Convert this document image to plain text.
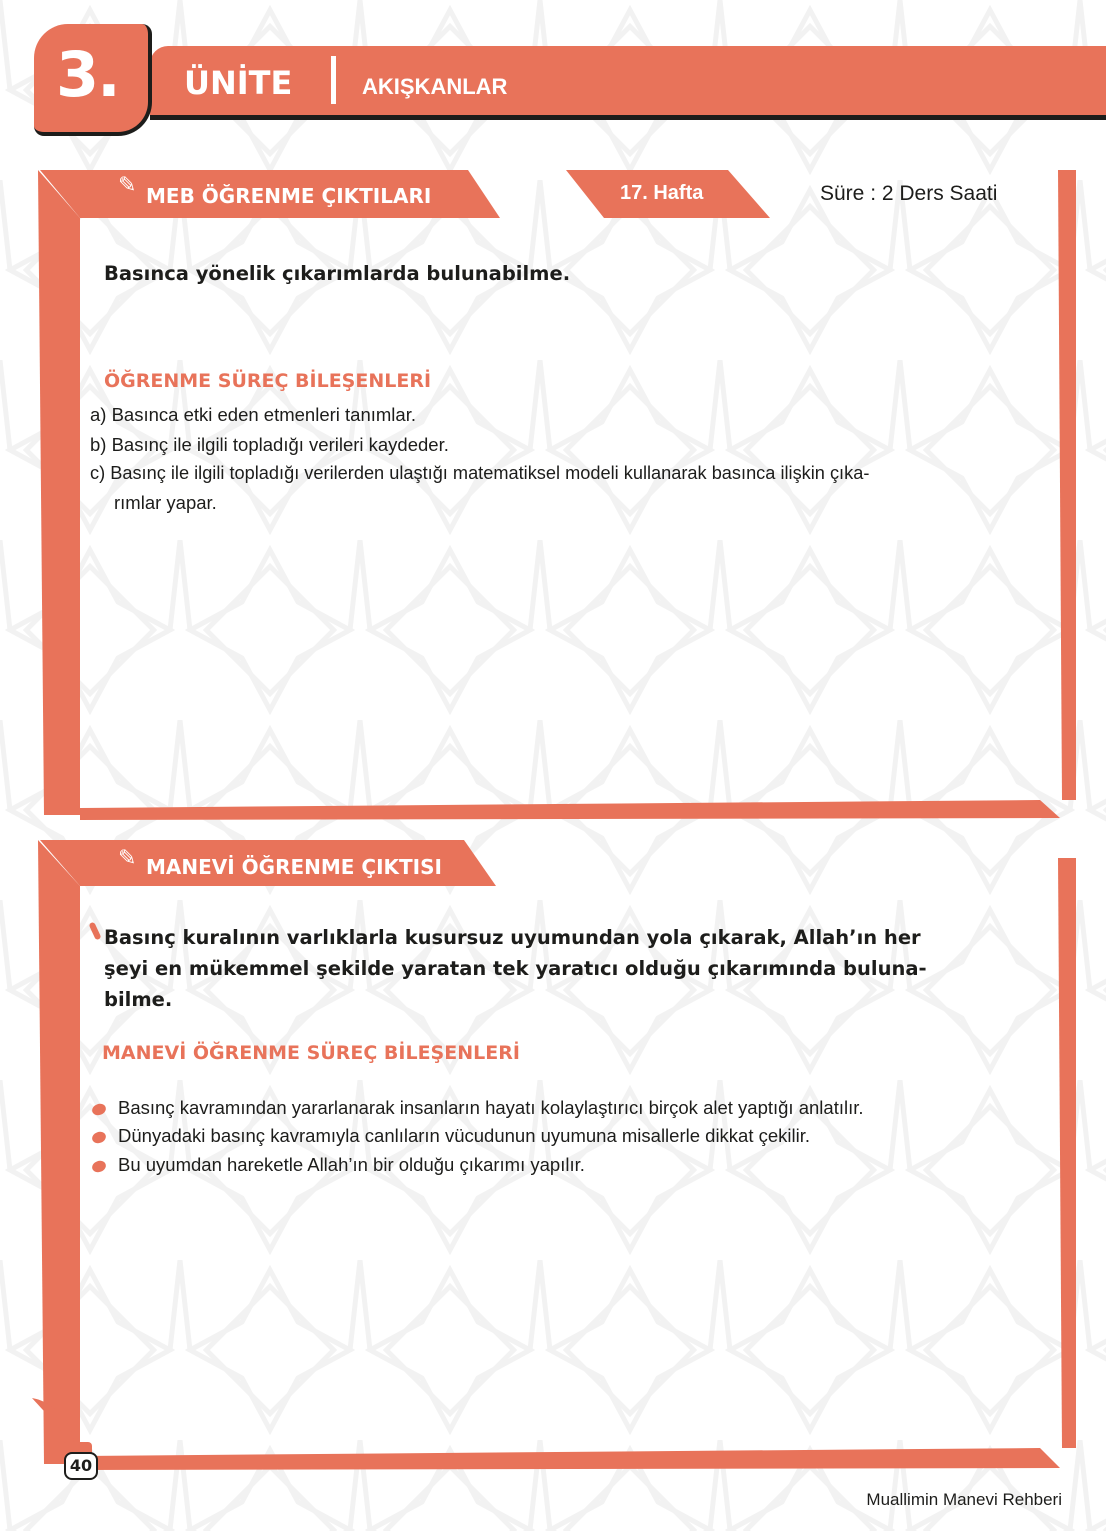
3. ÜNİTE	AKIŞKANLAR
✎ MEB ÖĞRENME ÇIKTILARI	17. Hafta	Süre : 2 Ders Saati
Basınca yönelik çıkarımlarda bulunabilme.
ÖĞRENME SÜREÇ BİLEŞENLERİ
a) Basınca etki eden etmenleri tanımlar.
b) Basınç ile ilgili topladığı verileri kaydeder.
c) Basınç ile ilgili topladığı verilerden ulaştığı matematiksel modeli kullanarak basınca ilişkin çıka-
rımlar yapar.
✎ MANEVİ ÖĞRENME ÇIKTISI
Basınç kuralının varlıklarla kusursuz uyumundan yola çıkarak, Allah’ın her
şeyi en mükemmel şekilde yaratan tek yaratıcı olduğu çıkarımında buluna-
bilme.
MANEVİ ÖĞRENME SÜREÇ BİLEŞENLERİ
Basınç kavramından yararlanarak insanların hayatı kolaylaştırıcı birçok alet yaptığı anlatılır.
Dünyadaki basınç kavramıyla canlıların vücudunun uyumuna misallerle dikkat çekilir.
Bu uyumdan hareketle Allah’ın bir olduğu çıkarımı yapılır.
40
Muallimin Manevi Rehberi
